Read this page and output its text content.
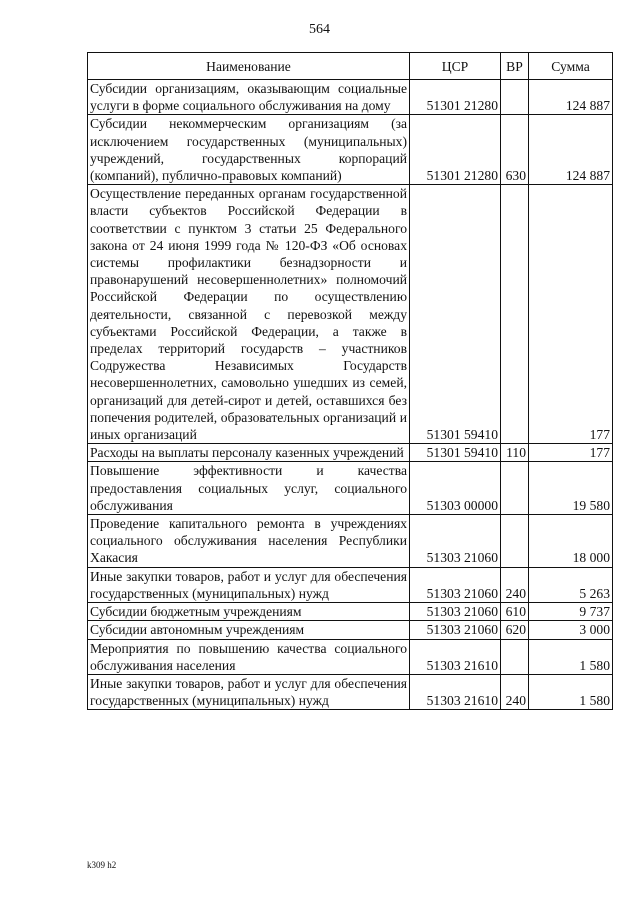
564
Наименование	ЦСР	ВР	Сумма
Субсидии организациям, оказывающим социальные услуги в форме социального обслуживания на дому	51301 21280		124 887
Субсидии некоммерческим организациям (за исключением государственных (муниципальных) учреждений, государственных корпораций (компаний), публично-правовых компаний)	51301 21280	630	124 887
Осуществление переданных органам государственной власти субъектов Российской Федерации в соответствии с пунктом 3 статьи 25 Федерального закона от 24 июня 1999 года № 120-ФЗ «Об основах системы профилактики безнадзорности и правонарушений несовершеннолетних» полномочий Российской Федерации по осуществлению деятельности, связанной с перевозкой между субъектами Российской Федерации, а также в пределах территорий государств – участников Содружества Независимых Государств несовершеннолетних, самовольно ушедших из семей, организаций для детей-сирот и детей, оставшихся без попечения родителей, образовательных организаций и иных организаций	51301 59410		177
Расходы на выплаты персоналу казенных учреждений	51301 59410	110	177
Повышение эффективности и качества предоставления социальных услуг, социального обслуживания	51303 00000		19 580
Проведение капитального ремонта в учреждениях социального обслуживания населения Республики Хакасия	51303 21060		18 000
Иные закупки товаров, работ и услуг для обеспечения государственных (муниципальных) нужд	51303 21060	240	5 263
Субсидии бюджетным учреждениям	51303 21060	610	9 737
Субсидии автономным учреждениям	51303 21060	620	3 000
Мероприятия по повышению качества социального обслуживания населения	51303 21610		1 580
Иные закупки товаров, работ и услуг для обеспечения государственных (муниципальных) нужд	51303 21610	240	1 580
k309 h2
